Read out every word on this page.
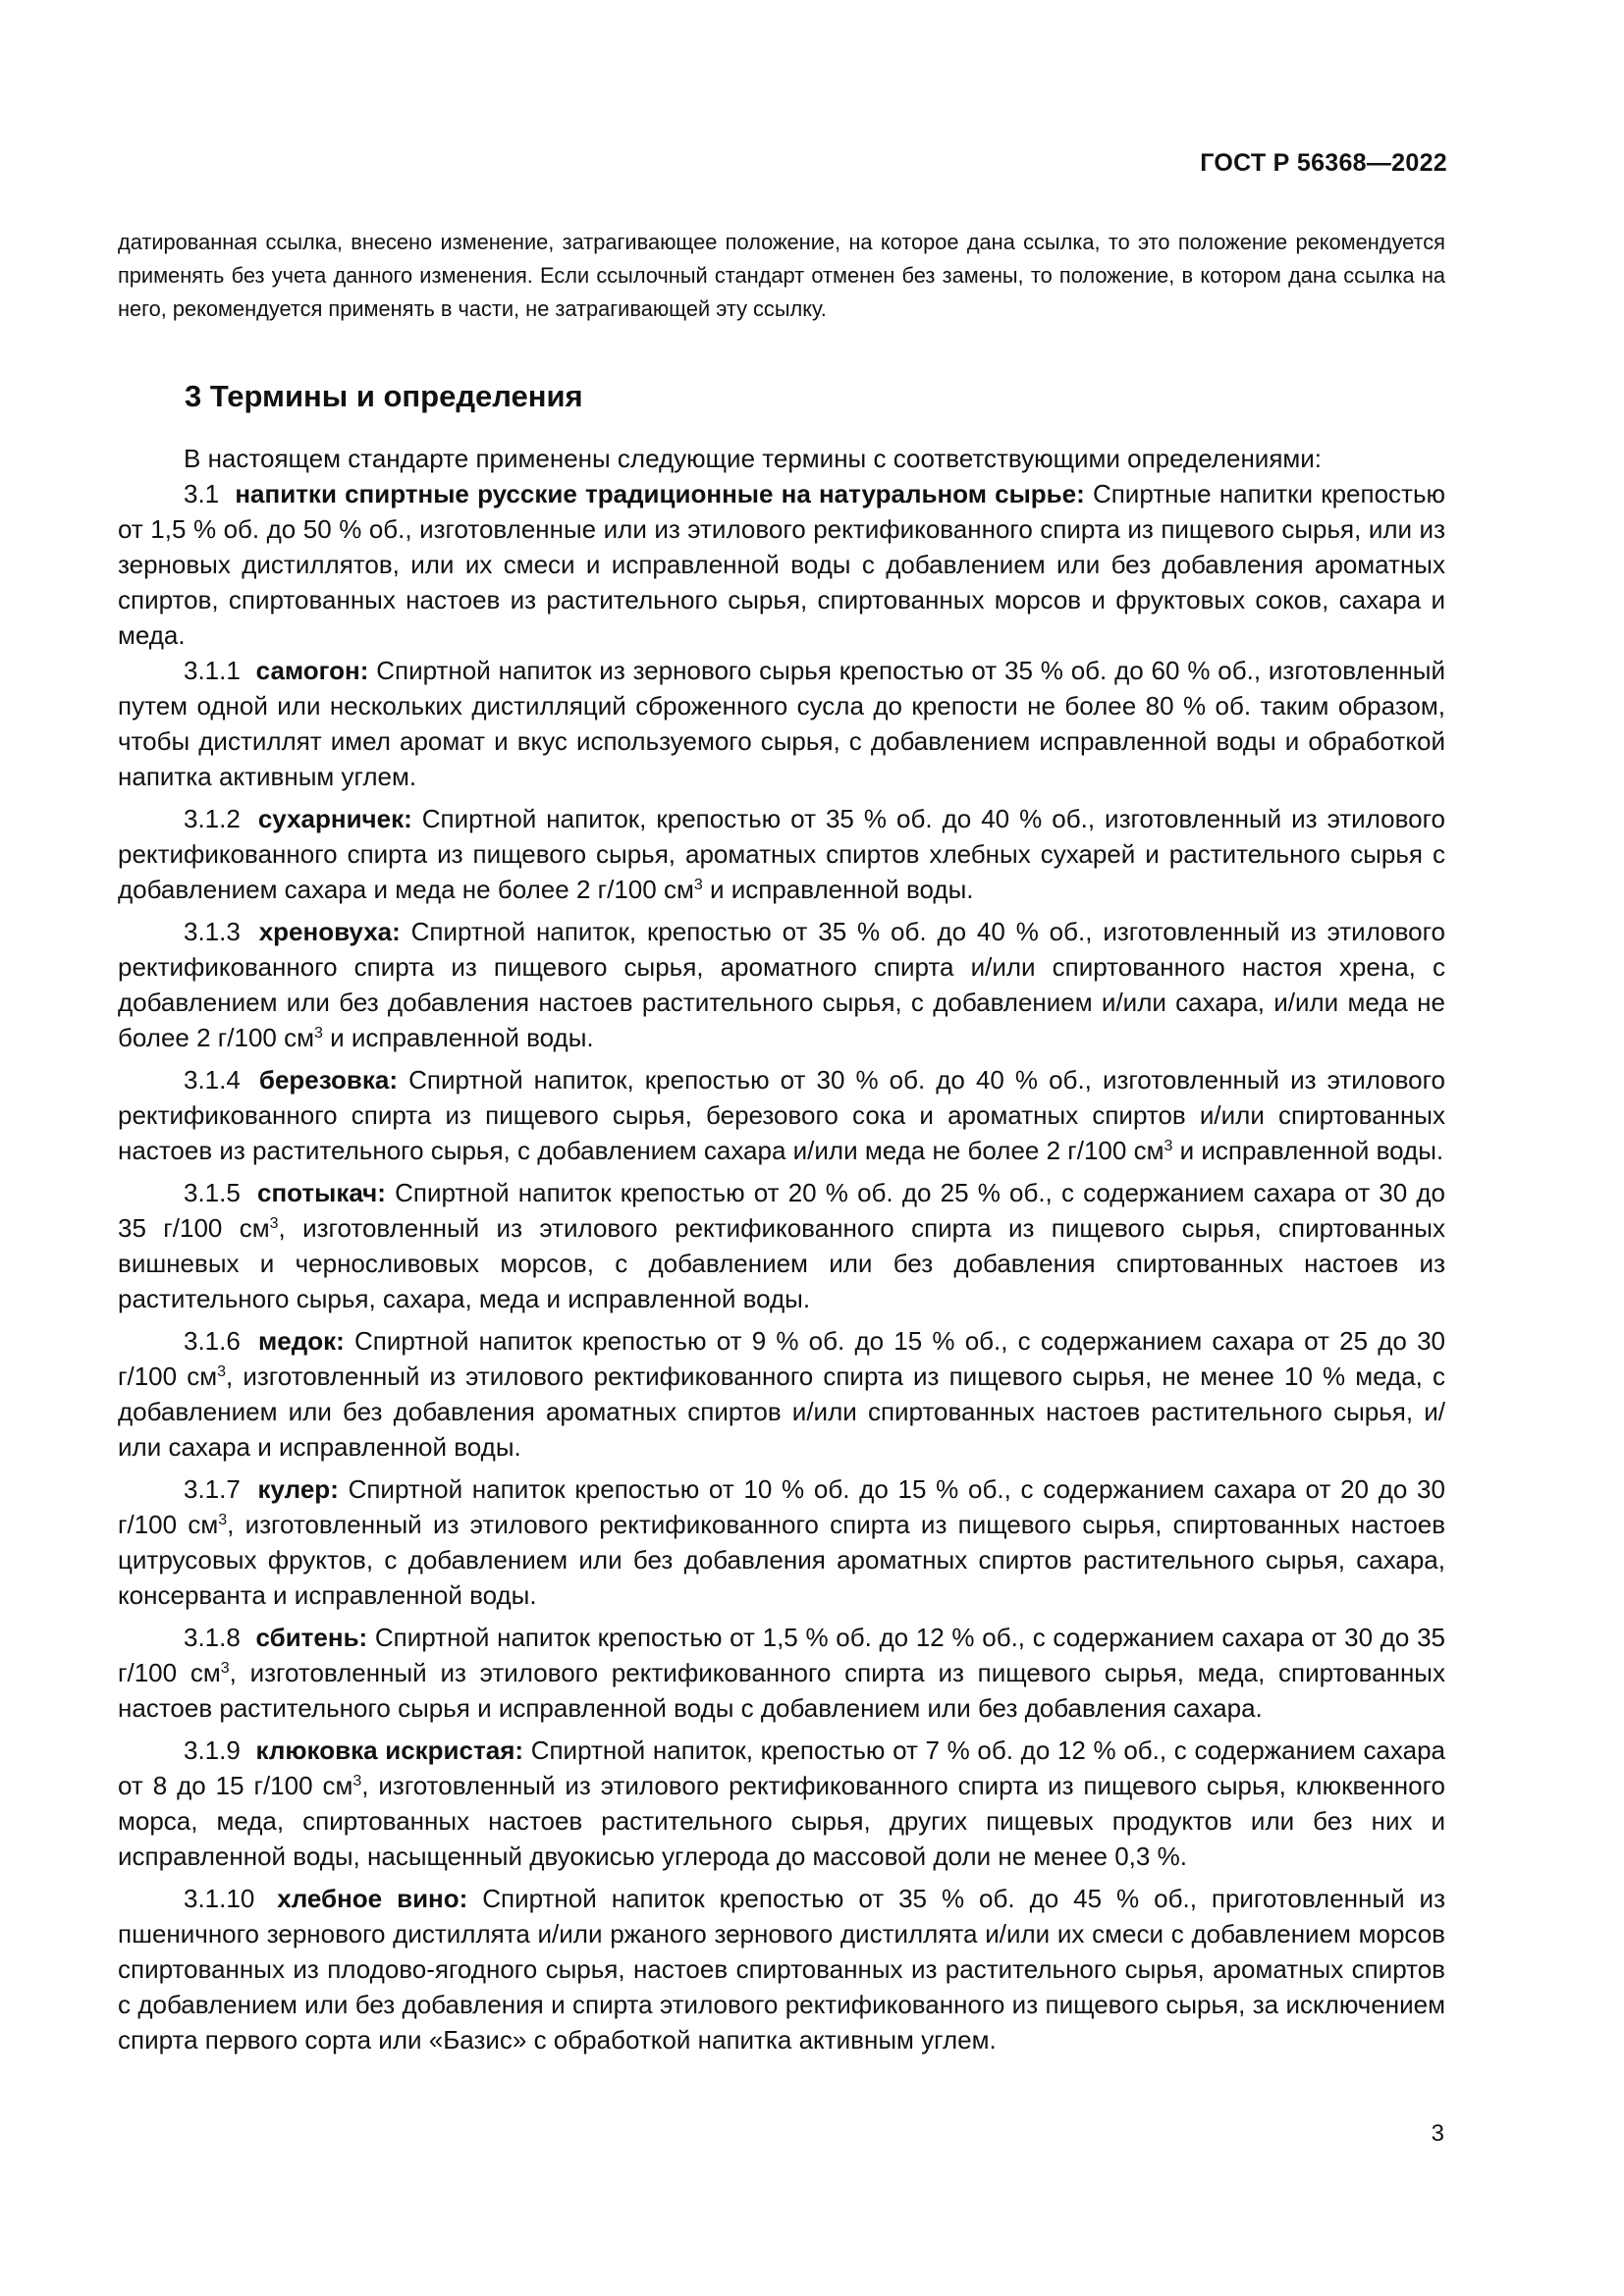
ГОСТ Р 56368—2022
датированная ссылка, внесено изменение, затрагивающее положение, на которое дана ссылка, то это положение рекомендуется применять без учета данного изменения. Если ссылочный стандарт отменен без замены, то положение, в котором дана ссылка на него, рекомендуется применять в части, не затрагивающей эту ссылку.
3 Термины и определения

В настоящем стандарте применены следующие термины с соответствующими определениями:

3.1 напитки спиртные русские традиционные на натуральном сырье: Спиртные напитки крепостью от 1,5 % об. до 50 % об., изготовленные или из этилового ректификованного спирта из пищевого сырья, или из зерновых дистиллятов, или их смеси и исправленной воды с добавлением или без добавления ароматных спиртов, спиртованных настоев из растительного сырья, спиртованных морсов и фруктовых соков, сахара и меда.

3.1.1 самогон: Спиртной напиток из зернового сырья крепостью от 35 % об. до 60 % об., изготовленный путем одной или нескольких дистилляций сброженного сусла до крепости не более 80 % об. таким образом, чтобы дистиллят имел аромат и вкус используемого сырья, с добавлением исправленной воды и обработкой напитка активным углем.

3.1.2 сухарничек: Спиртной напиток, крепостью от 35 % об. до 40 % об., изготовленный из этилового ректификованного спирта из пищевого сырья, ароматных спиртов хлебных сухарей и растительного сырья с добавлением сахара и меда не более 2 г/100 $см^3$ и исправленной воды.

3.1.3 хреновуха: Спиртной напиток, крепостью от 35 % об. до 40 % об., изготовленный из этилового ректификованного спирта из пищевого сырья, ароматного спирта и/или спиртованного настоя хрена, с добавлением или без добавления настоев растительного сырья, с добавлением и/или сахара, и/или меда не более 2 г/100 $см^3$ и исправленной воды.

3.1.4 березовка: Спиртной напиток, крепостью от 30 % об. до 40 % об., изготовленный из этилового ректификованного спирта из пищевого сырья, березового сока и ароматных спиртов и/или спиртованных настоев из растительного сырья, с добавлением сахара и/или меда не более 2 г/100 $см^3$ и исправленной воды.

3.1.5 спотыкач: Спиртной напиток крепостью от 20 % об. до 25 % об., с содержанием сахара от 30 до 35 г/100 $см^3$, изготовленный из этилового ректификованного спирта из пищевого сырья, спиртованных вишневых и черносливовых морсов, с добавлением или без добавления спиртованных настоев из растительного сырья, сахара, меда и исправленной воды.

3.1.6 медок: Спиртной напиток крепостью от 9 % об. до 15 % об., с содержанием сахара от 25 до 30 г/100 $см^3$, изготовленный из этилового ректификованного спирта из пищевого сырья, не менее 10 % меда, с добавлением или без добавления ароматных спиртов и/или спиртованных настоев растительного сырья, и/или сахара и исправленной воды.

3.1.7 кулер: Спиртной напиток крепостью от 10 % об. до 15 % об., с содержанием сахара от 20 до 30 г/100 $см^3$, изготовленный из этилового ректификованного спирта из пищевого сырья, спиртованных настоев цитрусовых фруктов, с добавлением или без добавления ароматных спиртов растительного сырья, сахара, консерванта и исправленной воды.

3.1.8 сбитень: Спиртной напиток крепостью от 1,5 % об. до 12 % об., с содержанием сахара от 30 до 35 г/100 $см^3$, изготовленный из этилового ректификованного спирта из пищевого сырья, меда, спиртованных настоев растительного сырья и исправленной воды с добавлением или без добавления сахара.

3.1.9 клюковка искристая: Спиртной напиток, крепостью от 7 % об. до 12 % об., с содержанием сахара от 8 до 15 г/100 $см^3$, изготовленный из этилового ректификованного спирта из пищевого сырья, клюквенного морса, меда, спиртованных настоев растительного сырья, других пищевых продуктов или без них и исправленной воды, насыщенный двуокисью углерода до массовой доли не менее 0,3 %.

3.1.10 хлебное вино: Спиртной напиток крепостью от 35 % об. до 45 % об., приготовленный из пшеничного зернового дистиллята и/или ржаного зернового дистиллята и/или их смеси с добавлением морсов спиртованных из плодово-ягодного сырья, настоев спиртованных из растительного сырья, ароматных спиртов с добавлением или без добавления и спирта этилового ректификованного из пищевого сырья, за исключением спирта первого сорта или «Базис» с обработкой напитка активным углем.

3
